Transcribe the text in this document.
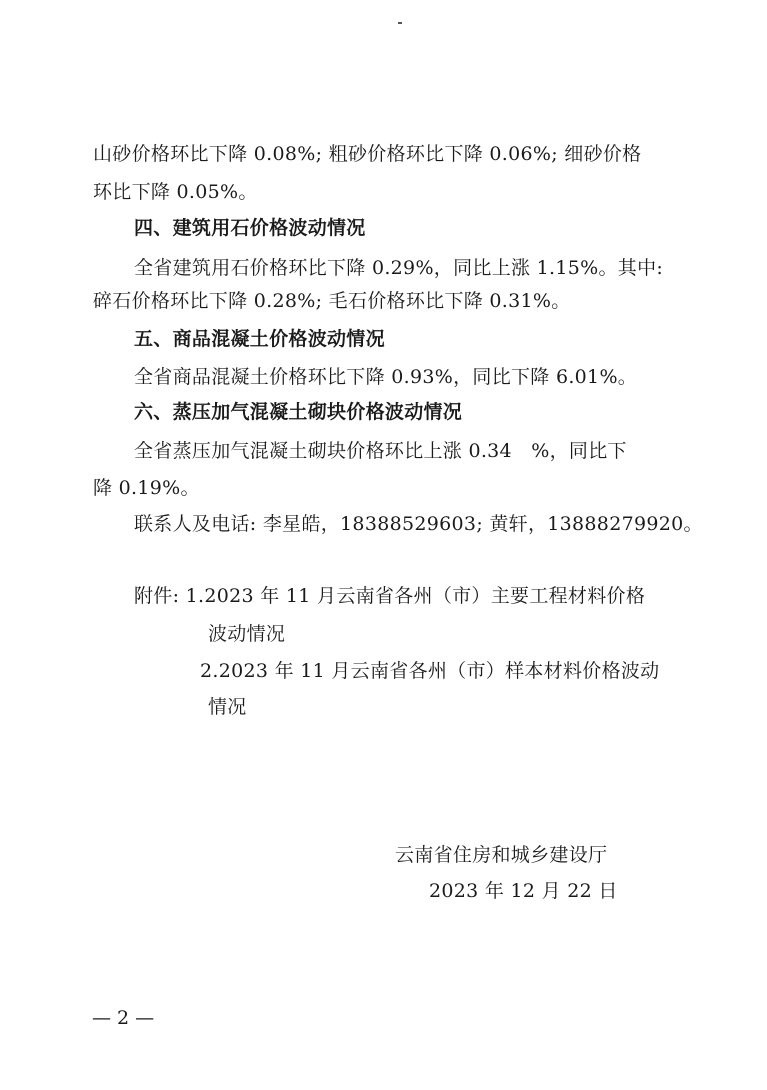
山砂价格环比下降 0.08%; 粗砂价格环比下降 0.06%; 细砂价格
环比下降 0.05%。
四、建筑用石价格波动情况
全省建筑用石价格环比下降 0.29%，同比上涨 1.15%。其中:
碎石价格环比下降 0.28%; 毛石价格环比下降 0.31%。
五、商品混凝土价格波动情况
全省商品混凝土价格环比下降 0.93%，同比下降 6.01%。
六、蒸压加气混凝土砌块价格波动情况
全省蒸压加气混凝土砌块价格环比上涨 0.34　%，同比下
降 0.19%。
联系人及电话: 李星皓，18388529603; 黄轩，13888279920。
附件: 1.2023 年 11 月云南省各州（市）主要工程材料价格
波动情况
2.2023 年 11 月云南省各州（市）样本材料价格波动
情况
云南省住房和城乡建设厅
2023 年 12 月 22 日
— 2 —
